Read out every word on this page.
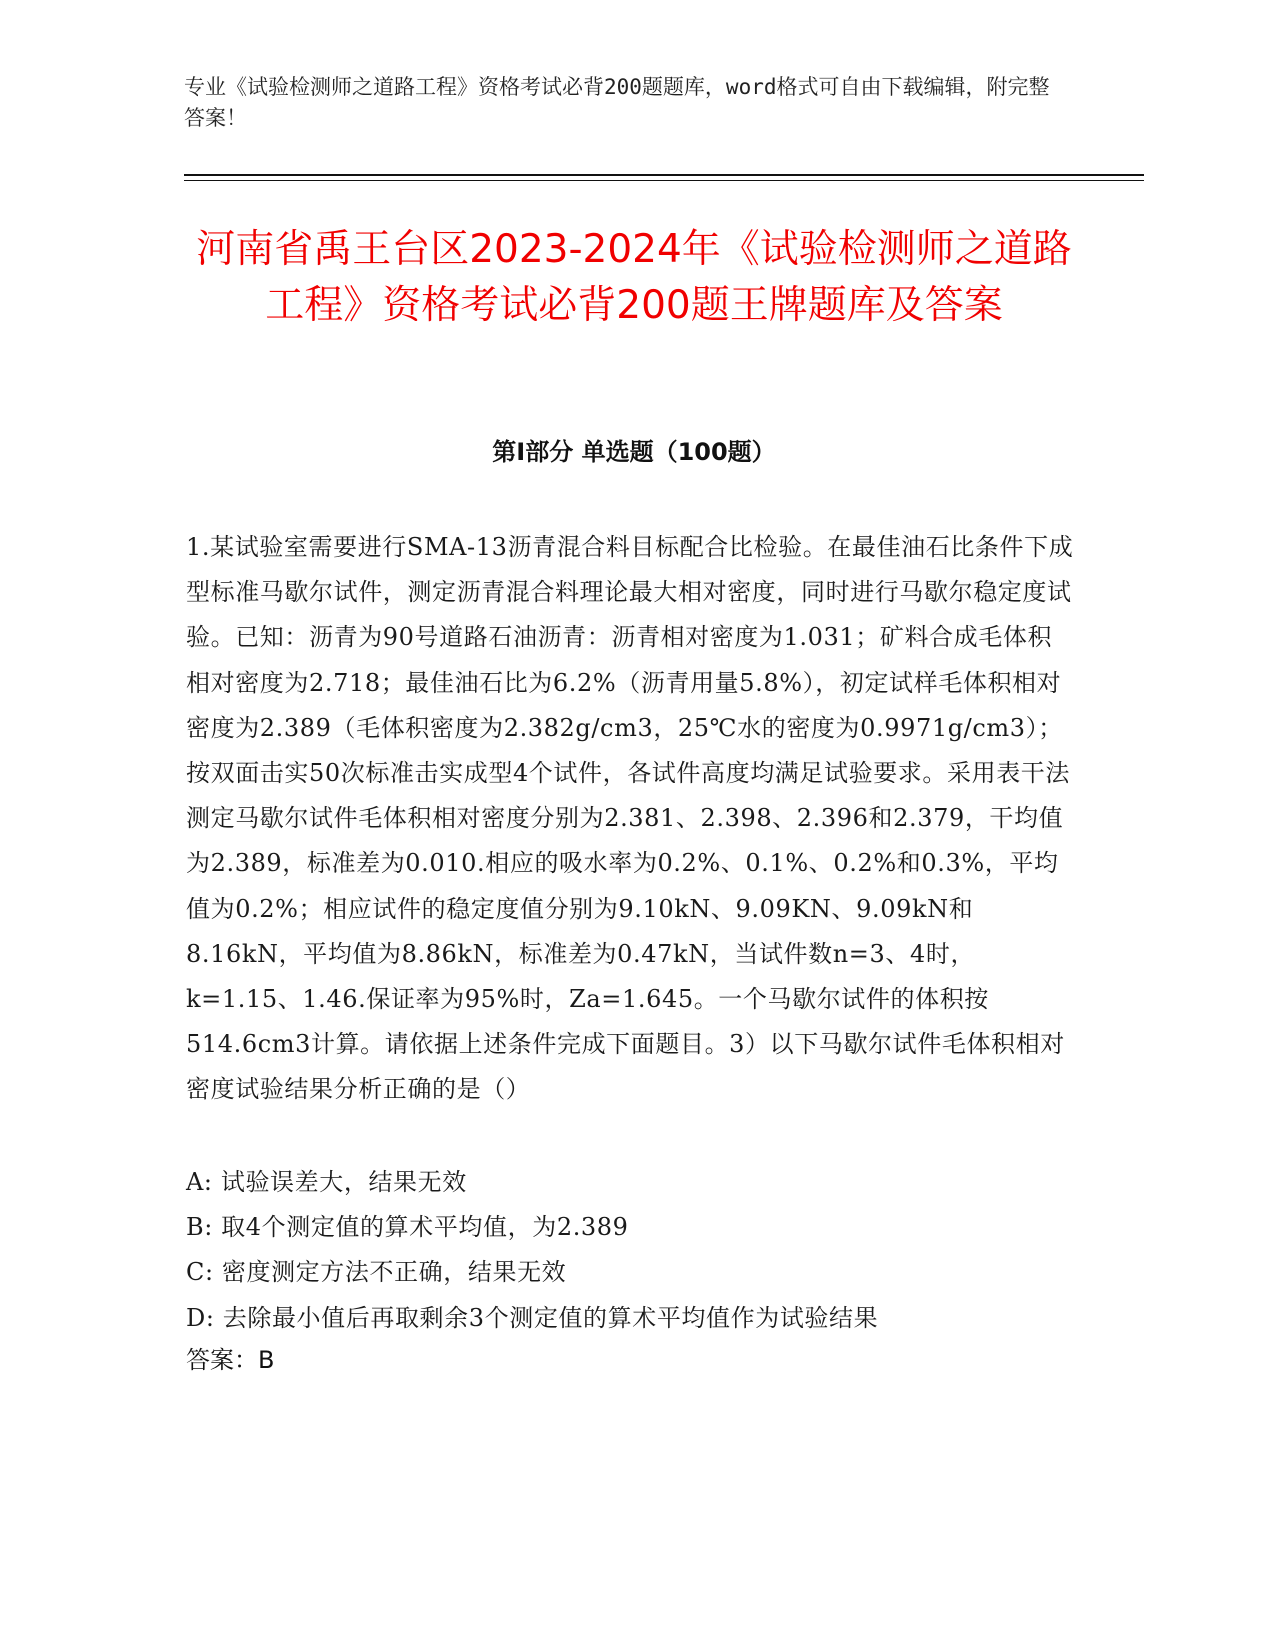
专业《试验检测师之道路工程》资格考试必背200题题库，word格式可自由下载编辑，附完整答案！
河南省禹王台区2023-2024年《试验检测师之道路工程》资格考试必背200题王牌题库及答案
第I部分 单选题（100题）

1.某试验室需要进行SMA-13沥青混合料目标配合比检验。在最佳油石比条件下成型标准马歇尔试件，测定沥青混合料理论最大相对密度，同时进行马歇尔稳定度试验。已知：沥青为90号道路石油沥青：沥青相对密度为1.031；矿料合成毛体积相对密度为2.718；最佳油石比为6.2%（沥青用量5.8%），初定试样毛体积相对密度为2.389（毛体积密度为2.382g/cm3，25℃水的密度为0.9971g/cm3）；按双面击实50次标准击实成型4个试件，各试件高度均满足试验要求。采用表干法测定马歇尔试件毛体积相对密度分别为2.381、2.398、2.396和2.379，干均值为2.389，标准差为0.010.相应的吸水率为0.2%、0.1%、0.2%和0.3%，平均值为0.2%；相应试件的稳定度值分别为9.10kN、9.09KN、9.09kN和8.16kN，平均值为8.86kN，标准差为0.47kN，当试件数n=3、4时，k=1.15、1.46.保证率为95%时，Za=1.645。一个马歇尔试件的体积按514.6cm3计算。请依据上述条件完成下面题目。3）以下马歇尔试件毛体积相对密度试验结果分析正确的是（）

A: 试验误差大，结果无效
B: 取4个测定值的算术平均值，为2.389
C: 密度测定方法不正确，结果无效
D: 去除最小值后再取剩余3个测定值的算术平均值作为试验结果
答案：B
